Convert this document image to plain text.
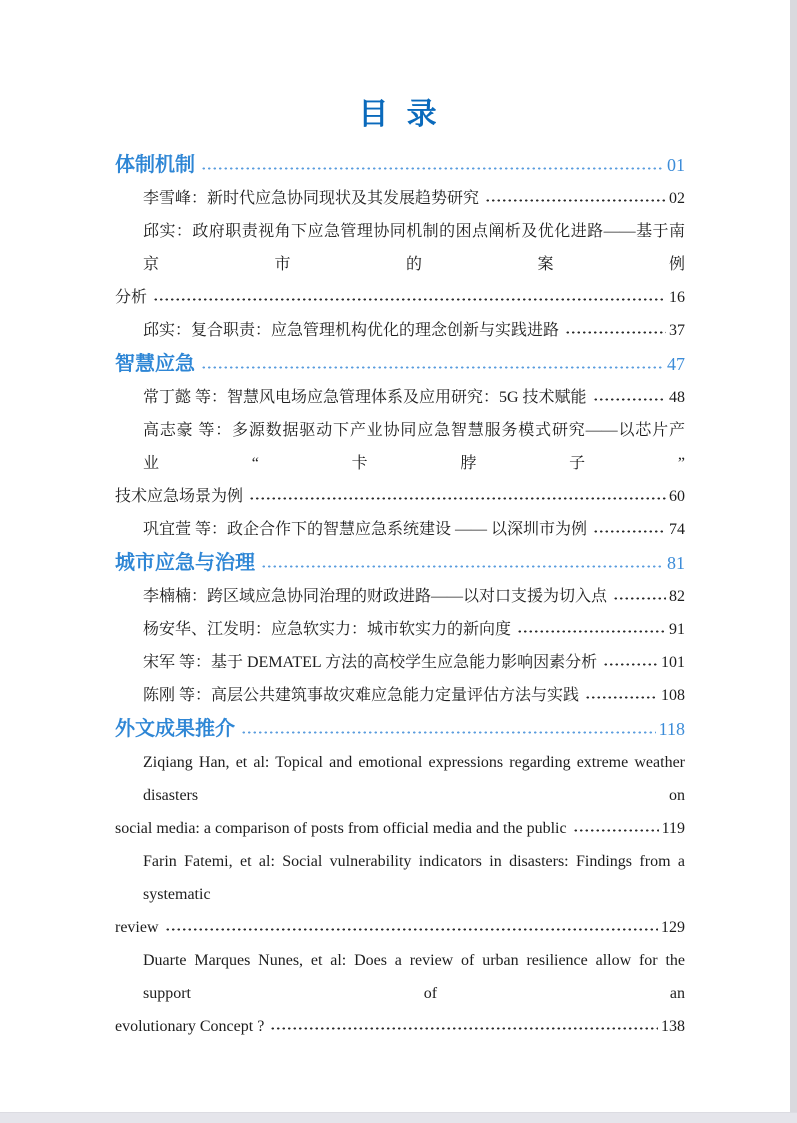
目 录
体制机制	01
李雪峰：新时代应急协同现状及其发展趋势研究	02
邱实：政府职责视角下应急管理协同机制的困点阐析及优化进路——基于南京市的案例
分析	16
邱实：复合职责：应急管理机构优化的理念创新与实践进路	37
智慧应急	47
常丁懿 等：智慧风电场应急管理体系及应用研究：5G 技术赋能	48
高志豪 等：多源数据驱动下产业协同应急智慧服务模式研究——以芯片产业“卡脖子”
技术应急场景为例	60
巩宜萱 等：政企合作下的智慧应急系统建设 —— 以深圳市为例	74
城市应急与治理	81
李楠楠：跨区域应急协同治理的财政进路——以对口支援为切入点	82
杨安华、江发明：应急软实力：城市软实力的新向度	91
宋军 等：基于 DEMATEL 方法的高校学生应急能力影响因素分析	101
陈刚 等：高层公共建筑事故灾难应急能力定量评估方法与实践	108
外文成果推介	118
Ziqiang Han, et al: Topical and emotional expressions regarding extreme weather disasters on
social media: a comparison of posts from official media and the public	119
Farin Fatemi, et al: Social vulnerability indicators in disasters: Findings from a systematic
review	129
Duarte Marques Nunes, et al: Does a review of urban resilience allow for the support of an
evolutionary Concept ?	138
